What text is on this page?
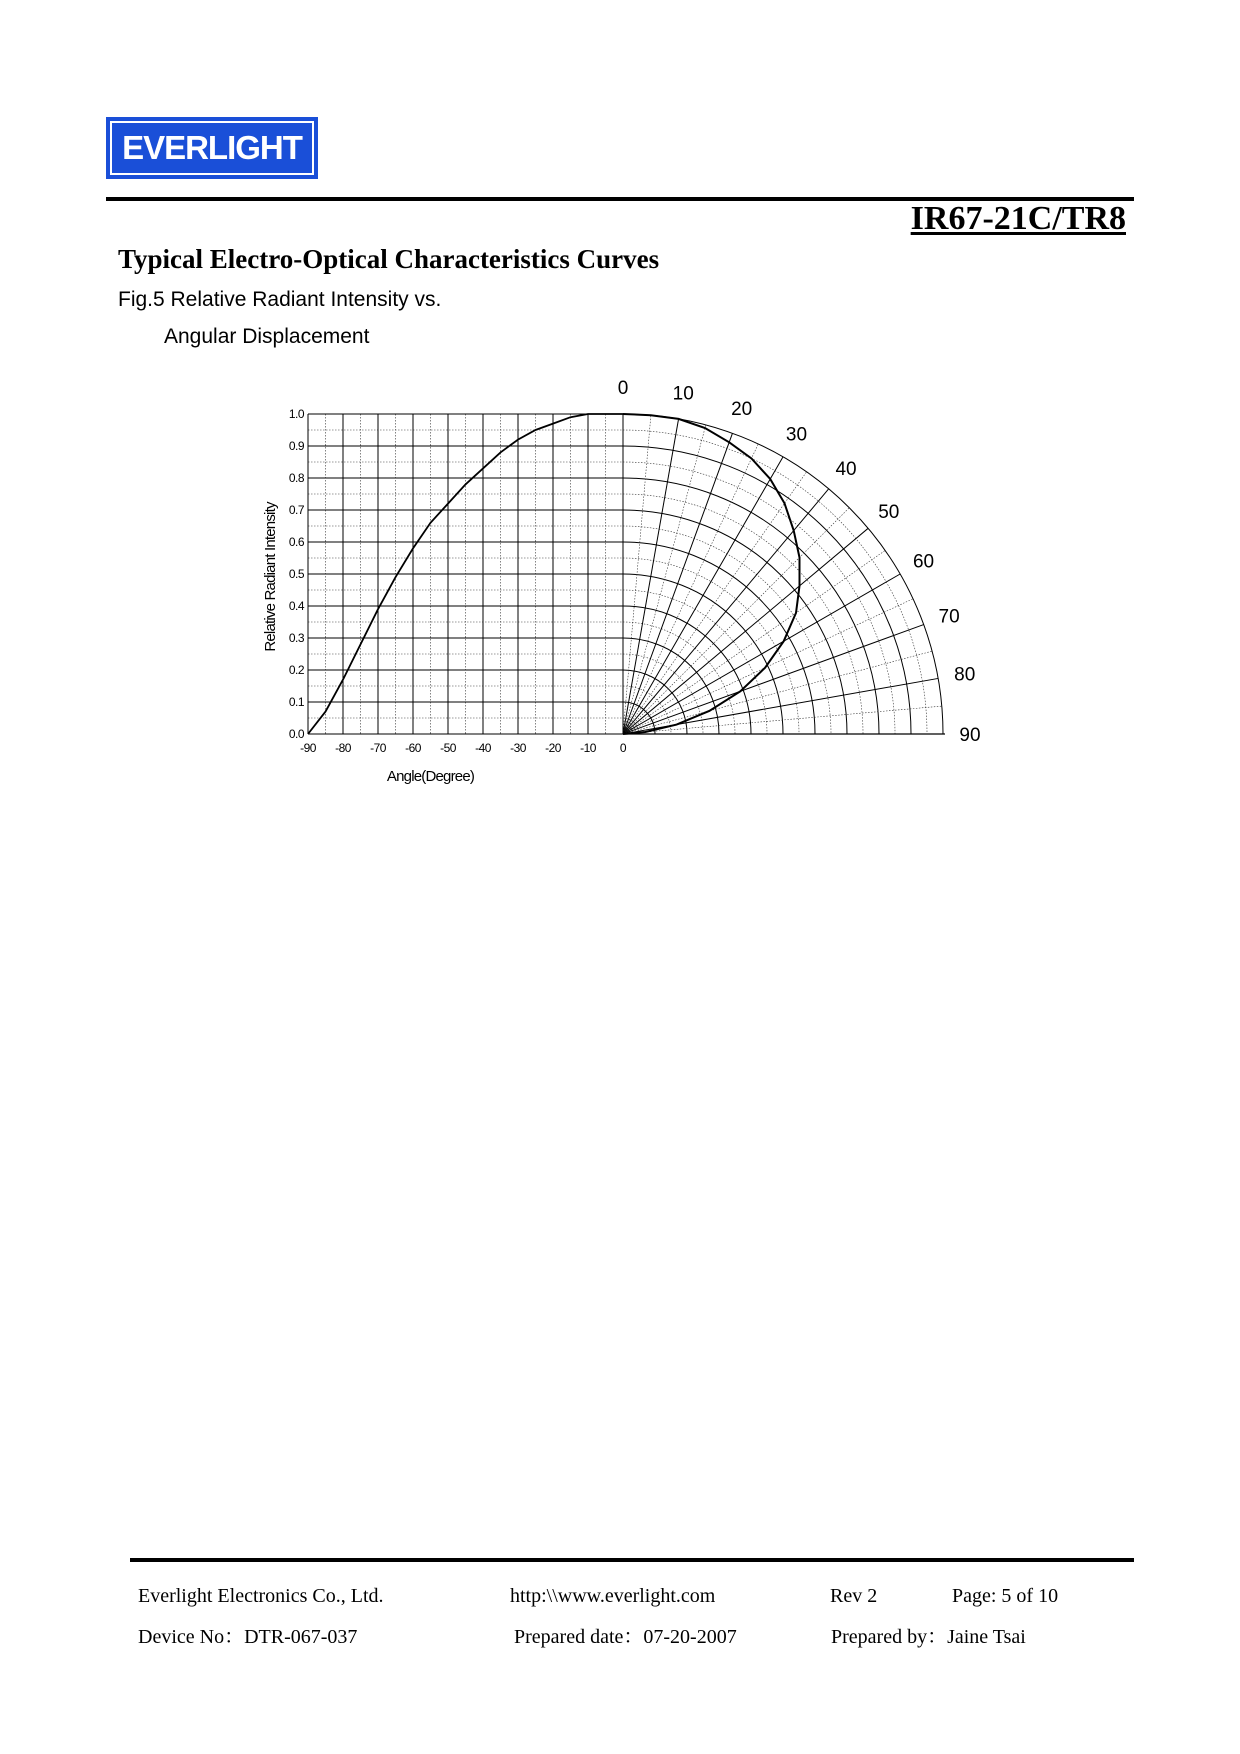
EVERLIGHT
IR67-21C/TR8
Typical Electro-Optical Characteristics Curves
Fig.5 Relative Radiant Intensity vs.
Angular Displacement
0.0
0.1
0.2
0.3
0.4
0.5
0.6
0.7
0.8
0.9
1.0
-90 -80 -70 -60 -50 -40 -30 -20 -10 0
0 10
20
30
40
50
60
70
80
90
Angle(Degree)
Relative Radiant Intensity
Everlight Electronics Co., Ltd.	http:\\www.everlight.com	Rev 2	Page: 5 of 10
Device No：DTR-067-037	Prepared date：07-20-2007	Prepared by：Jaine Tsai
